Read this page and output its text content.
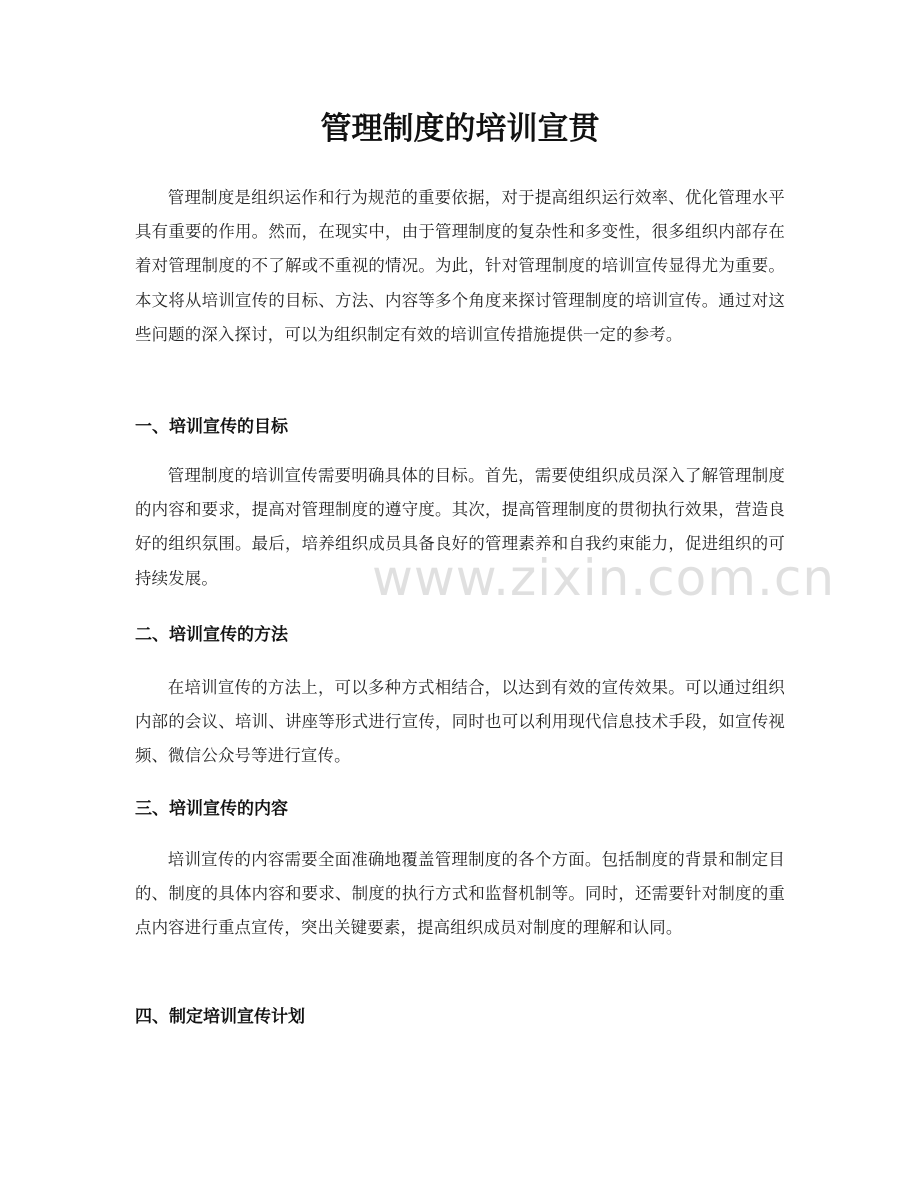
管理制度的培训宣贯

管理制度是组织运作和行为规范的重要依据，对于提高组织运行效率、优化管理水平具有重要的作用。然而，在现实中，由于管理制度的复杂性和多变性，很多组织内部存在着对管理制度的不了解或不重视的情况。为此，针对管理制度的培训宣传显得尤为重要。本文将从培训宣传的目标、方法、内容等多个角度来探讨管理制度的培训宣传。通过对这些问题的深入探讨，可以为组织制定有效的培训宣传措施提供一定的参考。

一、培训宣传的目标

管理制度的培训宣传需要明确具体的目标。首先，需要使组织成员深入了解管理制度的内容和要求，提高对管理制度的遵守度。其次，提高管理制度的贯彻执行效果，营造良好的组织氛围。最后，培养组织成员具备良好的管理素养和自我约束能力，促进组织的可持续发展。

二、培训宣传的方法

在培训宣传的方法上，可以多种方式相结合，以达到有效的宣传效果。可以通过组织内部的会议、培训、讲座等形式进行宣传，同时也可以利用现代信息技术手段，如宣传视频、微信公众号等进行宣传。

三、培训宣传的内容

培训宣传的内容需要全面准确地覆盖管理制度的各个方面。包括制度的背景和制定目的、制度的具体内容和要求、制度的执行方式和监督机制等。同时，还需要针对制度的重点内容进行重点宣传，突出关键要素，提高组织成员对制度的理解和认同。

四、制定培训宣传计划
www.zixin.com.cn
